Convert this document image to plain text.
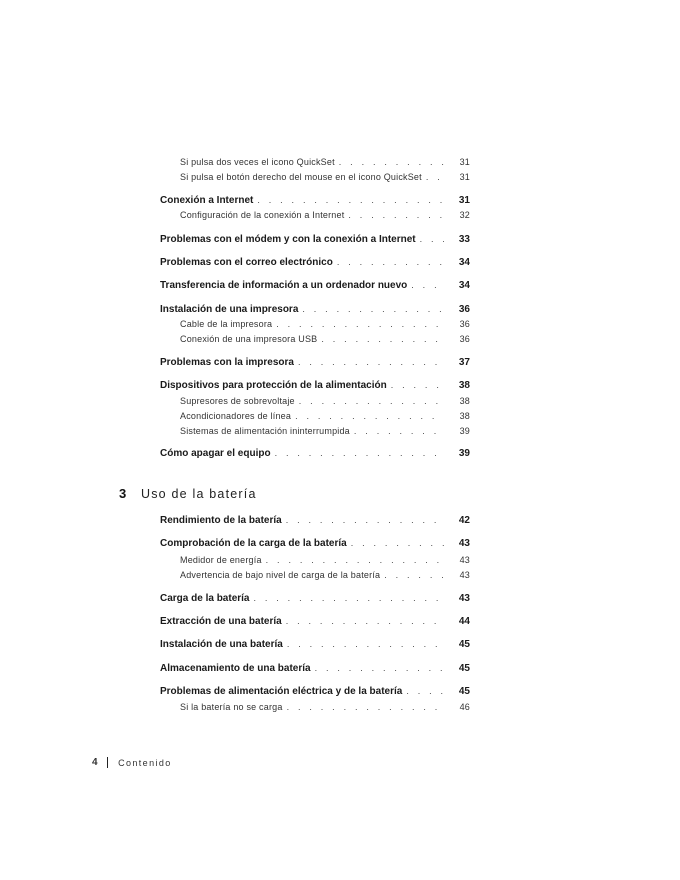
Si pulsa dos veces el icono QuickSet . . .	31
Si pulsa el botón derecho del mouse en el icono QuickSet . . .	31
Conexión a Internet . . .	31
Configuración de la conexión a Internet . . .	32
Problemas con el módem y con la conexión a Internet . . .	33
Problemas con el correo electrónico . . .	34
Transferencia de información a un ordenador nuevo . . .	34
Instalación de una impresora . . .	36
Cable de la impresora . . .	36
Conexión de una impresora USB . . .	36
Problemas con la impresora . . .	37
Dispositivos para protección de la alimentación . . .	38
Supresores de sobrevoltaje . . .	38
Acondicionadores de línea . . .	38
Sistemas de alimentación ininterrumpida . . .	39
Cómo apagar el equipo . . .	39
3	Uso de la batería
Rendimiento de la batería . . .	42
Comprobación de la carga de la batería . . .	43
Medidor de energía . . .	43
Advertencia de bajo nivel de carga de la batería . . .	43
Carga de la batería . . .	43
Extracción de una batería . . .	44
Instalación de una batería . . .	45
Almacenamiento de una batería . . .	45
Problemas de alimentación eléctrica y de la batería . . .	45
Si la batería no se carga . . .	46
4 Contenido
